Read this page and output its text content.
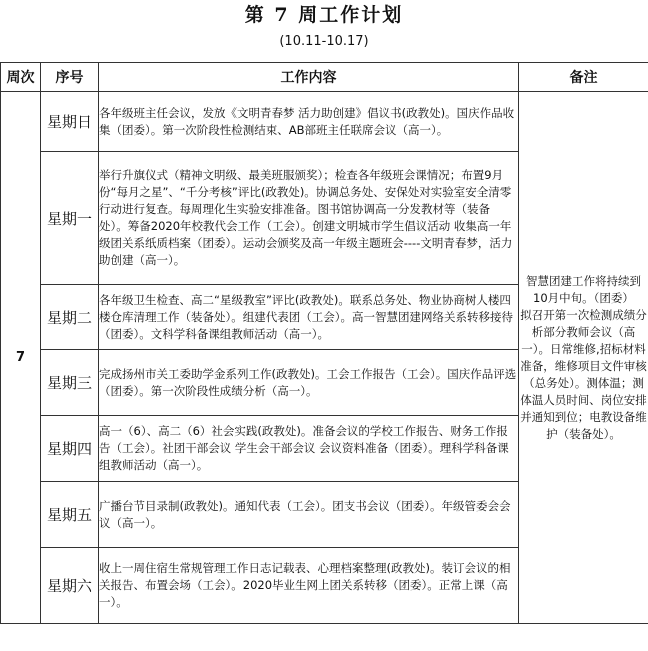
第 7 周工作计划
(10.11-10.17)
周次	序号	工作内容	备注
7	星期日	各年级班主任会议，发放《文明青春梦 活力助创建》倡议书(政教处)。国庆作品收集（团委）。第一次阶段性检测结束、AB部班主任联席会议（高一）。	智慧团建工作将持续到10月中旬。（团委）
拟召开第一次检测成绩分析部分教师会议（高一）。日常维修,招标材料准备，维修项目文件审核（总务处）。测体温；测体温人员时间、岗位安排并通知到位；电教设备维护（装备处）。

	星期一	举行升旗仪式（精神文明级、最美班服颁奖）；检查各年级班会课情况；布置9月份“每月之星”、“千分考核”评比(政教处)。协调总务处、安保处对实验室安全清零行动进行复查。每周理化生实验安排准备。图书馆协调高一分发教材等（装备处）。筹备2020年校教代会工作（工会）。创建文明城市学生倡议活动 收集高一年级团关系纸质档案（团委）。运动会颁奖及高一年级主题班会----文明青春梦，活力助创建（高一）。	
	星期二	各年级卫生检查、高二“星级教室”评比(政教处)。联系总务处、物业协商树人楼四楼仓库清理工作（装备处）。组建代表团（工会）。高一智慧团建网络关系转移接待（团委）。文科学科备课组教师活动（高一）。	
	星期三	完成扬州市关工委助学金系列工作(政教处)。工会工作报告（工会）。国庆作品评选（团委）。第一次阶段性成绩分析（高一）。	
	星期四	高一（6）、高二（6）社会实践(政教处)。准备会议的学校工作报告、财务工作报告（工会）。社团干部会议 学生会干部会议 会议资料准备（团委）。理科学科备课组教师活动（高一）。	
	星期五	广播台节目录制(政教处)。通知代表（工会）。团支书会议（团委）。年级管委会会议（高一）。	
	星期六	收上一周住宿生常规管理工作日志记载表、心理档案整理(政教处)。装订会议的相关报告、布置会场（工会）。2020毕业生网上团关系转移（团委）。正常上课（高一）。	
